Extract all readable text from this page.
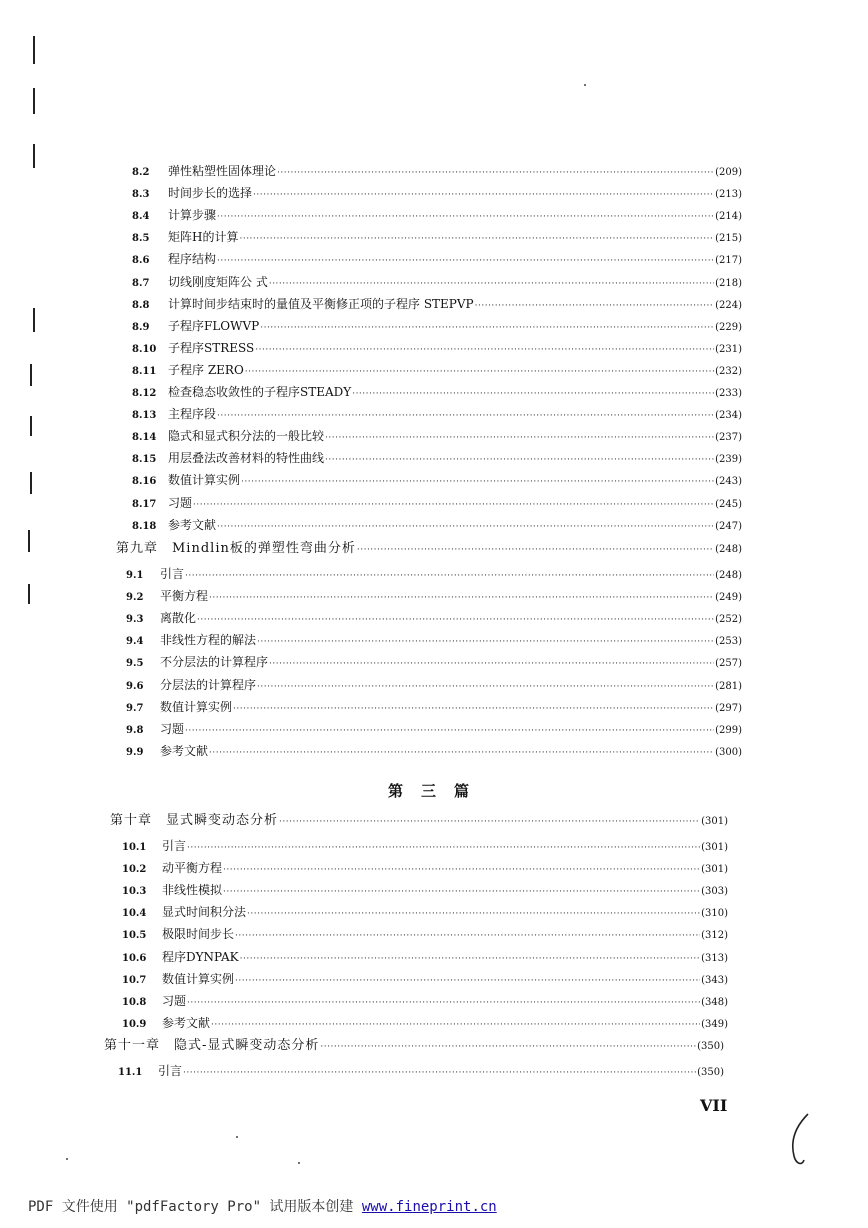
8.2	弹性粘塑性固体理论 ·····	(209)
8.3	时间步长的选择 ·····	(213)
8.4	计算步骤 ·····	(214)
8.5	矩阵H的计算 ·····	(215)
8.6	程序结构 ·····	(217)
8.7	切线刚度矩阵公 式 ·····	(218)
8.8	计算时间步结束时的量值及平衡修正项的子程序 STEPVP ·····	(224)
8.9	子程序FLOWVP ·····	(229)
8.10 子程序STRESS ·····	(231)
8.11 子程序 ZERO ·····	(232)
8.12 检查稳态收敛性的子程序STEADY ·····	(233)
8.13 主程序段 ·····	(234)
8.14 隐式和显式积分法的一般比较 ·····	(237)
8.15 用层叠法改善材料的特性曲线 ·····	(239)
8.16 数值计算实例 ·····	(243)
8.17 习题 ·····	(245)
8.18 参考文献 ·····	(247)
第九章　Mindlin板的弹塑性弯曲分析 ·····	(248)
9.1	引言 ·····	(248)
9.2	平衡方程 ·····	(249)
9.3	离散化 ·····	(252)
9.4	非线性方程的解法 ·····	(253)
9.5	不分层法的计算程序 ·····	(257)
9.6	分层法的计算程序 ·····	(281)
9.7	数值计算实例 ·····	(297)
9.8	习题 ·····	(299)
9.9	参考文献 ·····	(300)
第十章　显式瞬变动态分析 ·····	(301)
10.1	引言 ·····	(301)
10.2	动平衡方程 ·····	(301)
10.3	非线性模拟 ·····	(303)
10.4	显式时间积分法 ·····	(310)
10.5	极限时间步长 ·····	(312)
10.6	程序DYNPAK ·····	(313)
10.7	数值计算实例 ·····	(343)
10.8	习题 ·····	(348)
10.9	参考文献 ·····	(349)
第十一章　隐式-显式瞬变动态分析 ·····	(350)
11.1	引言 ·····	(350)
第三篇
VII
PDF 文件使用 "pdfFactory Pro" 试用版本创建 www.fineprint.cn
